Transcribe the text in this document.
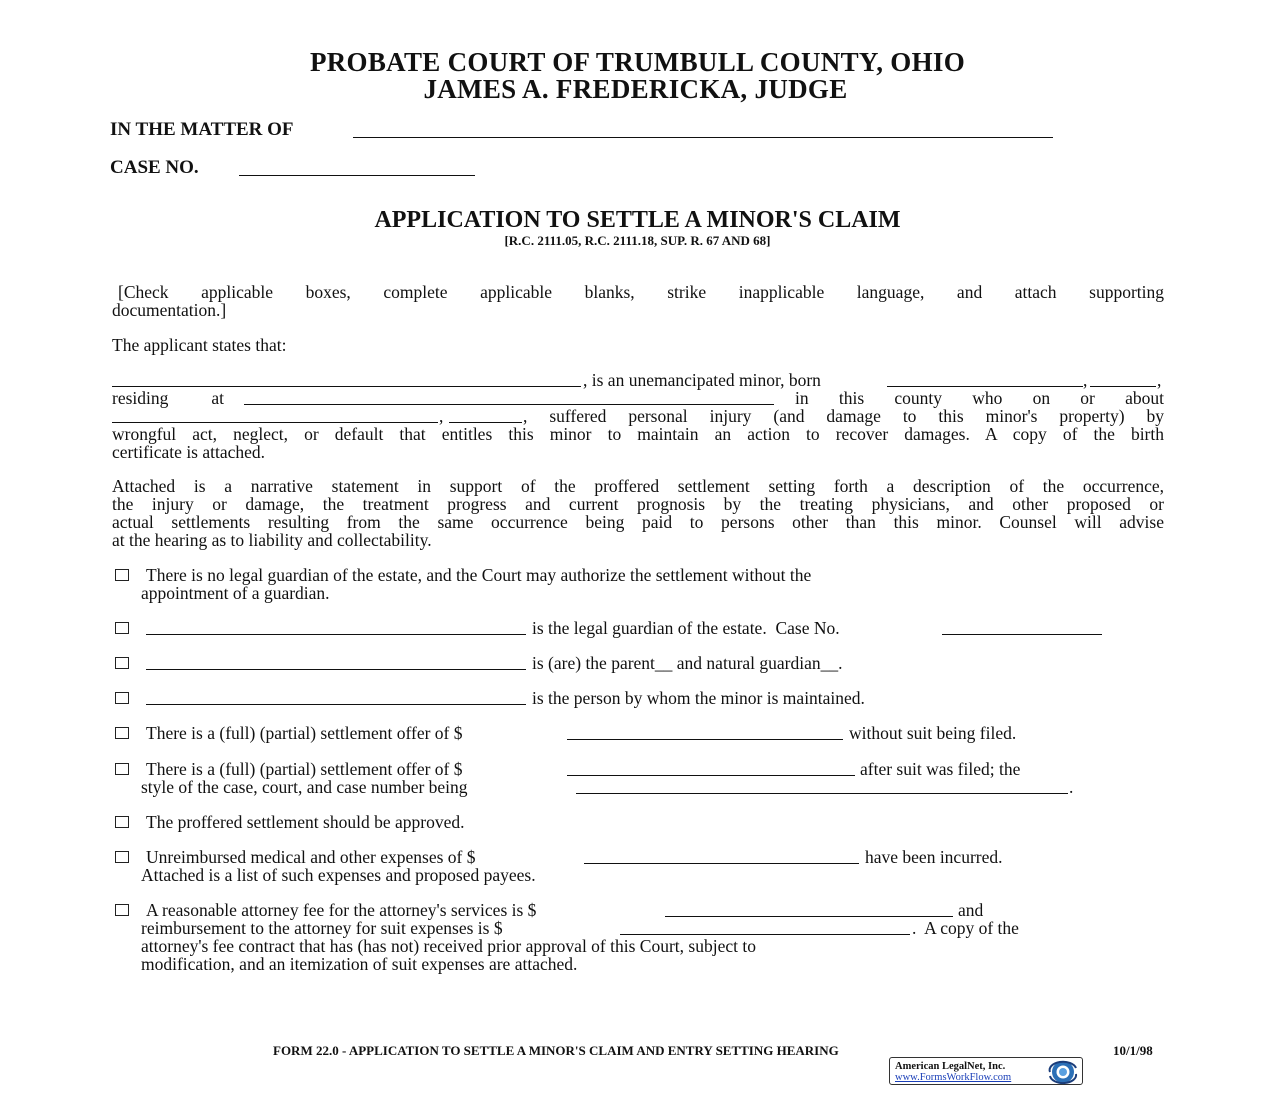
PROBATE COURT OF TRUMBULL COUNTY, OHIO
JAMES A. FREDERICKA, JUDGE
IN THE MATTER OF
CASE NO.
APPLICATION TO SETTLE A MINOR'S CLAIM
[R.C. 2111.05, R.C. 2111.18, SUP. R. 67 AND 68]
[Check applicable boxes, complete applicable blanks, strike inapplicable language, and attach supporting
documentation.]
The applicant states that:
, is an unemancipated minor, born	,	,
residing at	in this county who on or about
,	, suffered personal injury (and damage to this minor's property) by
wrongful act, neglect, or default that entitles this minor to maintain an action to recover damages. A copy of the birth
certificate is attached.
Attached is a narrative statement in support of the proffered settlement setting forth a description of the occurrence,
the injury or damage, the treatment progress and current prognosis by the treating physicians, and other proposed or
actual settlements resulting from the same occurrence being paid to persons other than this minor. Counsel will advise
at the hearing as to liability and collectability.
There is no legal guardian of the estate, and the Court may authorize the settlement without the
appointment of a guardian.
is the legal guardian of the estate.  Case No.
is (are) the parent__ and natural guardian__.
is the person by whom the minor is maintained.
There is a (full) (partial) settlement offer of $	without suit being filed.
There is a (full) (partial) settlement offer of $	after suit was filed; the
style of the case, court, and case number being	.
The proffered settlement should be approved.
Unreimbursed medical and other expenses of $	have been incurred.
Attached is a list of such expenses and proposed payees.
A reasonable attorney fee for the attorney's services is $	and
reimbursement to the attorney for suit expenses is $	.  A copy of the
attorney's fee contract that has (has not) received prior approval of this Court, subject to
modification, and an itemization of suit expenses are attached.
FORM 22.0 - APPLICATION TO SETTLE A MINOR'S CLAIM AND ENTRY SETTING HEARING	10/1/98
American LegalNet, Inc.
www.FormsWorkFlow.com
